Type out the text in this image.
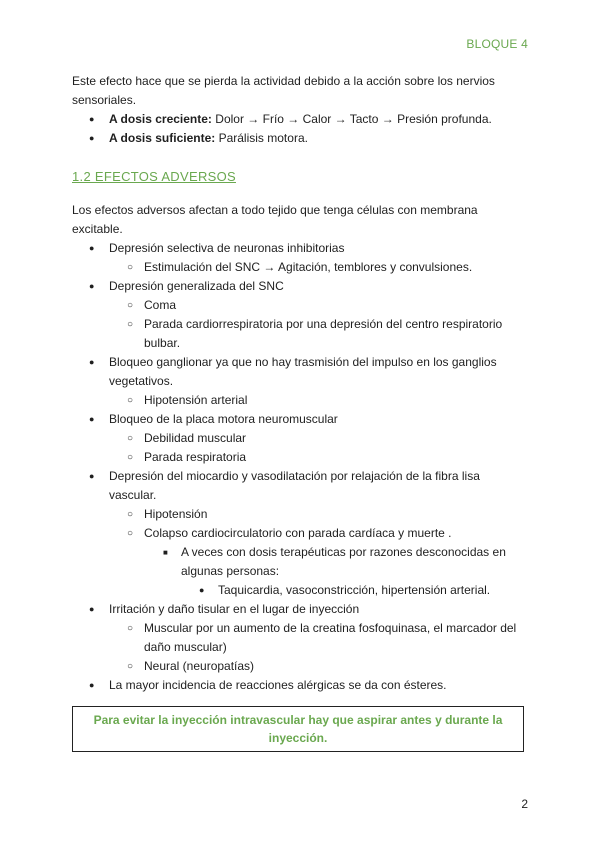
BLOQUE 4

Este efecto hace que se pierda la actividad debido a la acción sobre los nervios sensoriales.

● A dosis creciente: Dolor → Frío → Calor → Tacto → Presión profunda.
● A dosis suficiente: Parálisis motora.
1.2 EFECTOS ADVERSOS

Los efectos adversos afectan a todo tejido que tenga células con membrana excitable.

● Depresión selectiva de neuronas inhibitorias
○ Estimulación del SNC → Agitación, temblores y convulsiones.
● Depresión generalizada del SNC
○ Coma
○ Parada cardiorrespiratoria por una depresión del centro respiratorio bulbar.
● Bloqueo ganglionar ya que no hay trasmisión del impulso en los ganglios vegetativos.
○ Hipotensión arterial
● Bloqueo de la placa motora neuromuscular
○ Debilidad muscular
○ Parada respiratoria
● Depresión del miocardio y vasodilatación por relajación de la fibra lisa vascular.
○ Hipotensión
○ Colapso cardiocirculatorio con parada cardíaca y muerte .
■ A veces con dosis terapéuticas por razones desconocidas en algunas personas:
● Taquicardia, vasoconstricción, hipertensión arterial.
● Irritación y daño tisular en el lugar de inyección
○ Muscular por un aumento de la creatina fosfoquinasa, el marcador del daño muscular)
○ Neural (neuropatías)
● La mayor incidencia de reacciones alérgicas se da con ésteres.
Para evitar la inyección intravascular hay que aspirar antes y durante la inyección.
2
